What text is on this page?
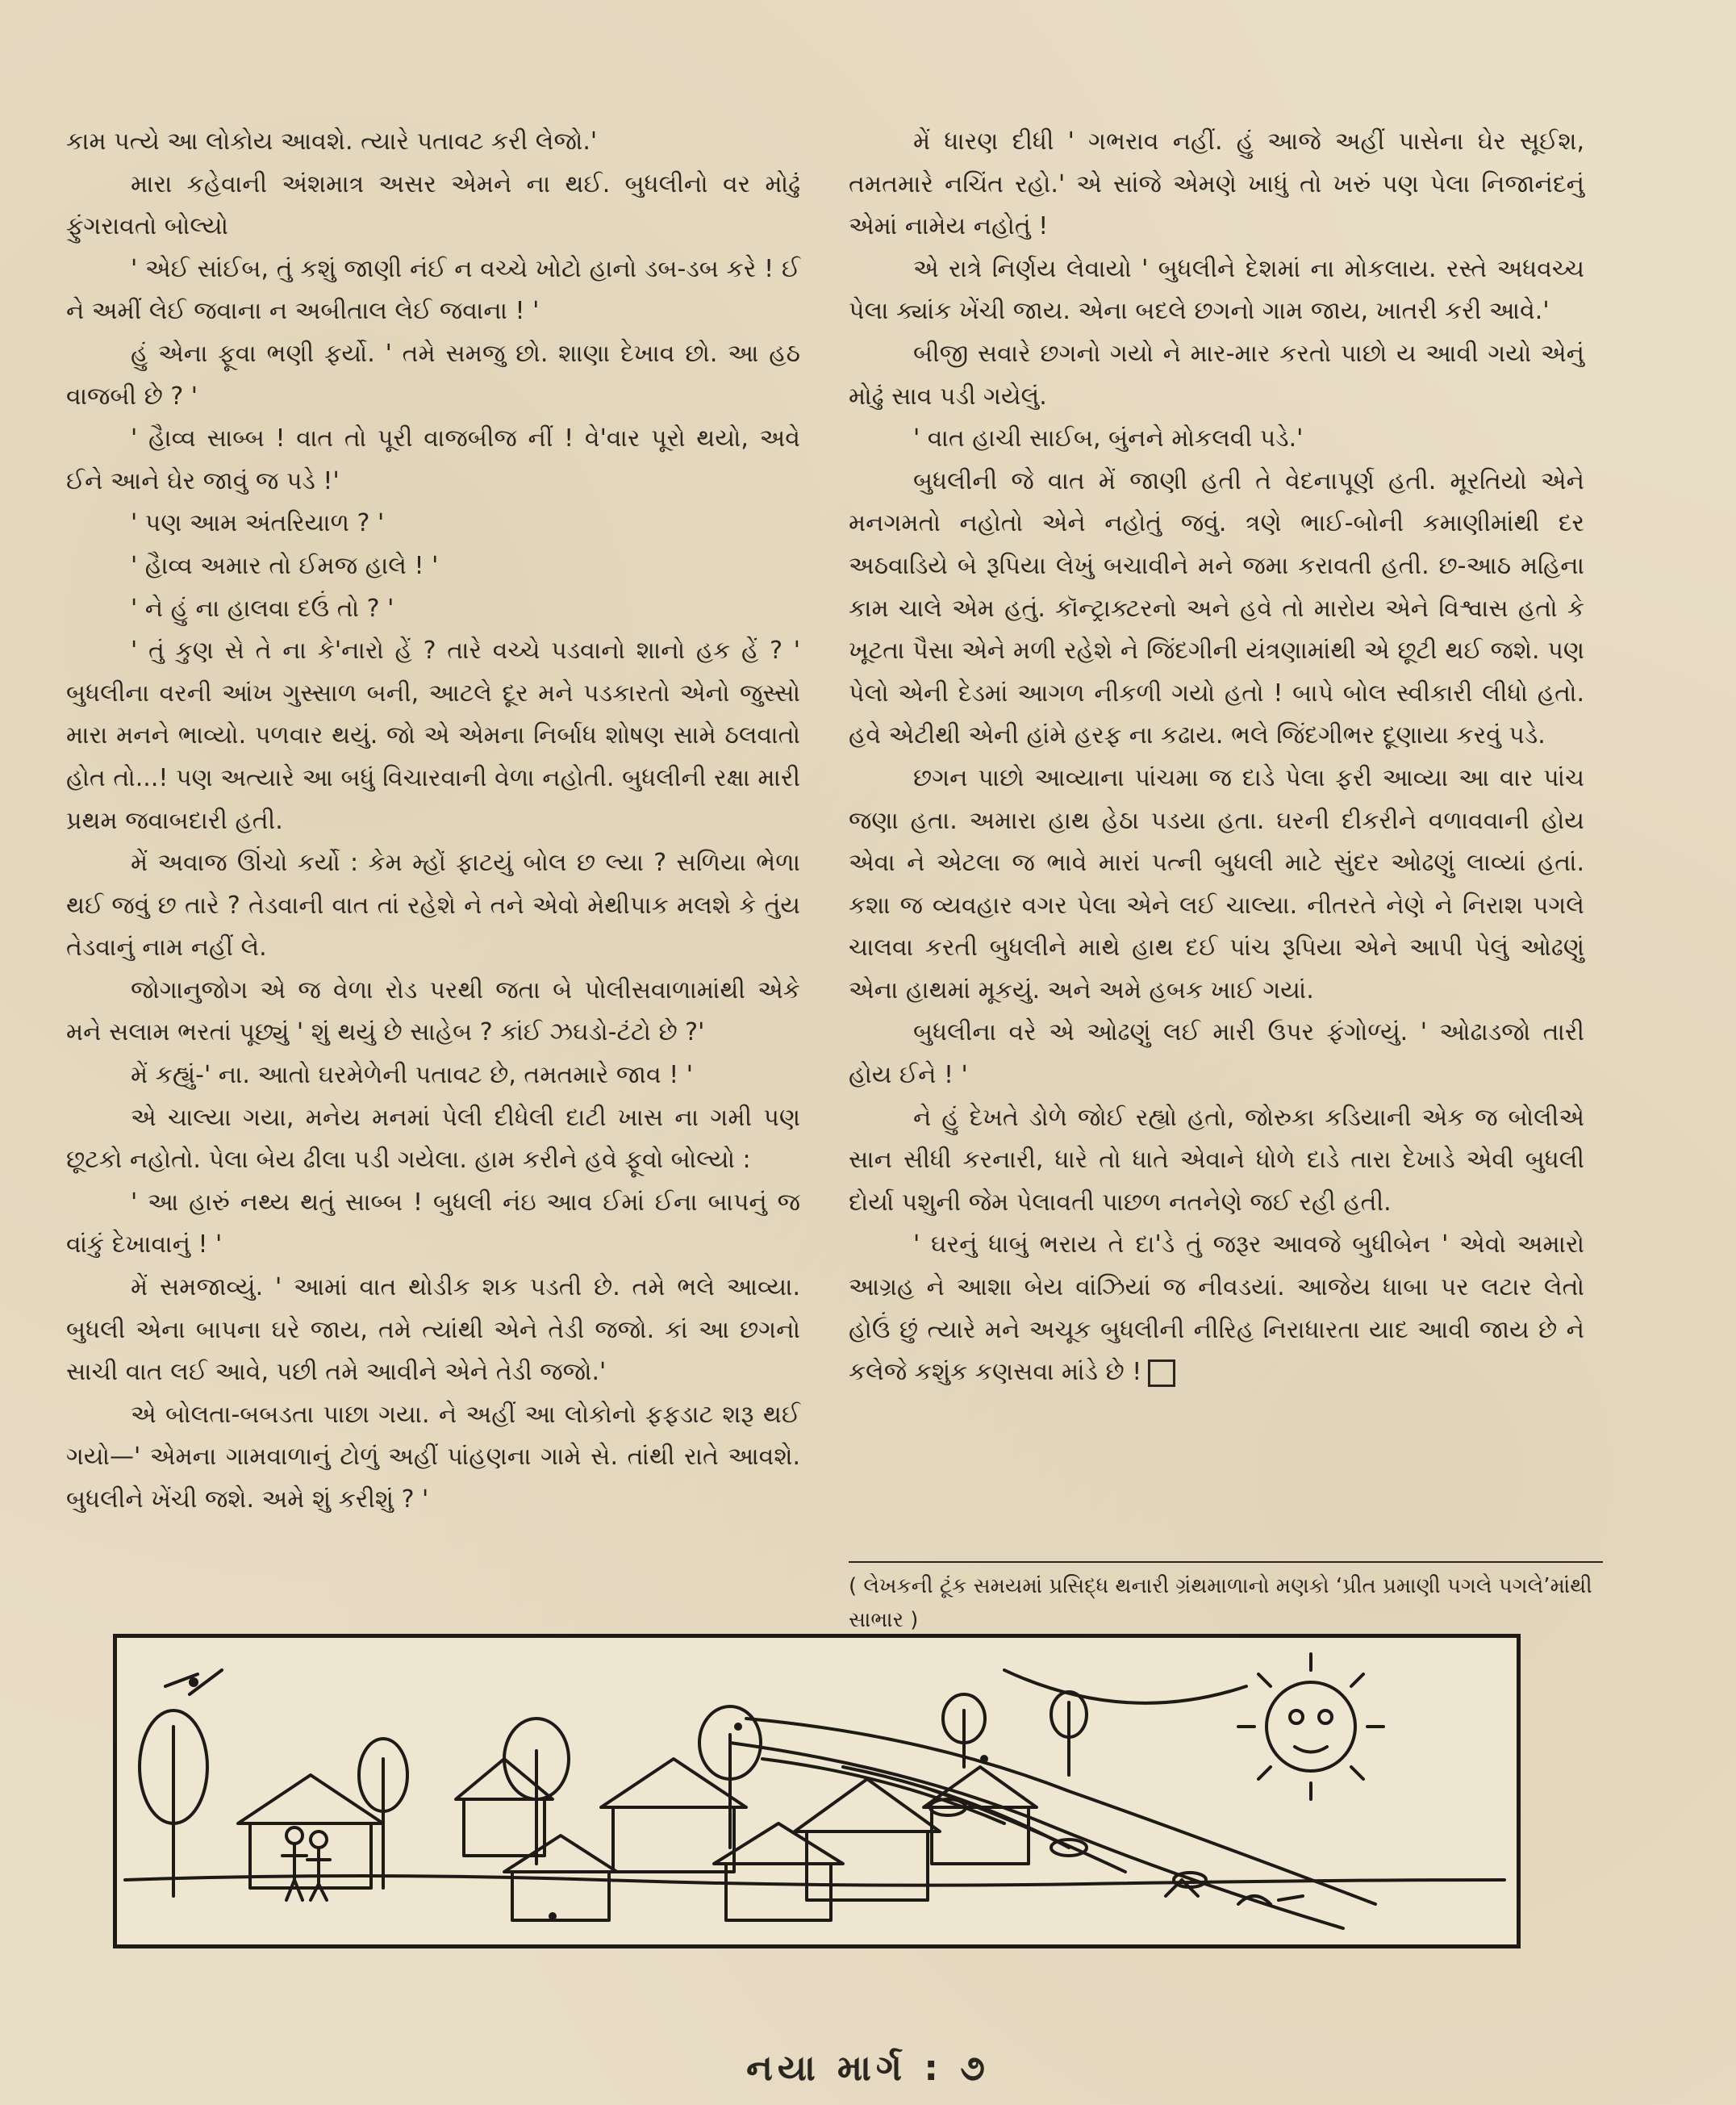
કામ પત્યે આ લોકોય આવશે. ત્યારે પતાવટ કરી લેજો.'

મારા કહેવાની અંશમાત્ર અસર એમને ના થઈ. બુધલીનો વર મોઢું ફુંગરાવતો બોલ્યો

' એઈ સાંઈબ, તું કશું જાણી નંઈ ન વચ્ચે ખોટો હાનો ડબ-ડબ કરે ! ઈ ને અમીં લેઈ જવાના ન અબીતાલ લેઈ જવાના ! '

હું એના ફૂવા ભણી ફર્યો. ' તમે સમજુ છો. શાણા દેખાવ છો. આ હઠ વાજબી છે ? '

' હૈાવ્વ સાબ્બ ! વાત તો પૂરી વાજબીજ નીં ! વે'વાર પૂરો થયો, અવે ઈને આને ઘેર જાવું જ પડે !'

' પણ આમ અંતરિયાળ ? '

' હૈાવ્વ અમાર તો ઈમજ હાલે ! '

' ને હું ના હાલવા દઉં તો ? '

' તું કુણ સે તે ના કે'નારો હેં ? તારે વચ્ચે પડવાનો શાનો હક હેં ? ' બુધલીના વરની આંખ ગુસ્સાળ બની, આટલે દૂર મને પડકારતો એનો જુસ્સો મારા મનને ભાવ્યો. પળવાર થયું. જો એ એમના નિર્બાધ શોષણ સામે ઠલવાતો હોત તો...! પણ અત્યારે આ બધું વિચારવાની વેળા નહોતી. બુધલીની રક્ષા મારી પ્રથમ જવાબદારી હતી.

મેં અવાજ ઊંચો કર્યો : કેમ મ્હોં ફાટયું બોલ છ લ્યા ? સળિયા ભેળા થઈ જવું છ તારે ? તેડવાની વાત તાં રહેશે ને તને એવો મેથીપાક મલશે કે તુંય તેડવાનું નામ નહીં લે.

જોગાનુજોગ એ જ વેળા રોડ પરથી જતા બે પોલીસવાળામાંથી એકે મને સલામ ભરતાં પૂછ્યું ' શું થયું છે સાહેબ ? કાંઈ ઝઘડો-ટંટો છે ?'

મેં કહ્યું-' ના. આતો ઘરમેળેની પતાવટ છે, તમતમારે જાવ ! '

એ ચાલ્યા ગયા, મનેય મનમાં પેલી દીધેલી દાટી ખાસ ના ગમી પણ છૂટકો નહોતો. પેલા બેય ઢીલા પડી ગયેલા. હામ કરીને હવે ફૂવો બોલ્યો :

' આ હારું નથ્ય થતું સાબ્બ ! બુધલી નંઇ આવ ઈમાં ઈના બાપનું જ વાંકું દેખાવાનું ! '

મેં સમજાવ્યું. ' આમાં વાત થોડીક શક પડતી છે. તમે ભલે આવ્યા. બુધલી એના બાપના ઘરે જાય, તમે ત્યાંથી એને તેડી જજો. કાં આ છગનો સાચી વાત લઈ આવે, પછી તમે આવીને એને તેડી જજો.'

એ બોલતા-બબડતા પાછા ગયા. ને અહીં આ લોકોનો ફફડાટ શરૂ થઈ ગયો—' એમના ગામવાળાનું ટોળું અહીં પાંહણના ગામે સે. તાંથી રાતે આવશે. બુધલીને ખેંચી જશે. અમે શું કરીશું ? '

મેં ધારણ દીધી ' ગભરાવ નહીં. હું આજે અહીં પાસેના ઘેર સૂઈશ, તમતમારે નચિંત રહો.' એ સાંજે એમણે ખાધું તો ખરું પણ પેલા નિજાનંદનું એમાં નામેય નહોતું !

એ રાત્રે નિર્ણય લેવાયો ' બુધલીને દેશમાં ના મોકલાય. રસ્તે અધવચ્ચ પેલા ક્યાંક ખેંચી જાય. એના બદલે છગનો ગામ જાય, ખાતરી કરી આવે.'

બીજી સવારે છગનો ગયો ને માર-માર કરતો પાછો ય આવી ગયો એનું મોઢું સાવ પડી ગયેલું.

' વાત હાચી સાઈબ, બુંનને મોકલવી પડે.'

બુધલીની જે વાત મેં જાણી હતી તે વેદનાપૂર્ણ હતી. મૂરતિયો એને મનગમતો નહોતો એને નહોતું જવું. ત્રણે ભાઈ-બોની કમાણીમાંથી દર અઠવાડિયે બે રૂપિયા લેખું બચાવીને મને જમા કરાવતી હતી. છ-આઠ મહિના કામ ચાલે એમ હતું. કૉન્ટ્રાક્ટરનો અને હવે તો મારોય એને વિશ્વાસ હતો કે ખૂટતા પૈસા એને મળી રહેશે ને જિંદગીની યંત્રણામાંથી એ છૂટી થઈ જશે. પણ પેલો એની દેડમાં આગળ નીકળી ગયો હતો ! બાપે બોલ સ્વીકારી લીધો હતો. હવે એટીથી એની હાંમે હરફ ના કઢાય. ભલે જિંદગીભર દૂણાયા કરવું પડે.

છગન પાછો આવ્યાના પાંચમા જ દાડે પેલા ફરી આવ્યા આ વાર પાંચ જણા હતા. અમારા હાથ હેઠા પડયા હતા. ઘરની દીકરીને વળાવવાની હોય એવા ને એટલા જ ભાવે મારાં પત્ની બુધલી માટે સુંદર ઓઢણું લાવ્યાં હતાં. કશા જ વ્યવહાર વગર પેલા એને લઈ ચાલ્યા. નીતરતે નેણે ને નિરાશ પગલે ચાલવા કરતી બુધલીને માથે હાથ દઈ પાંચ રૂપિયા એને આપી પેલું ઓઢણું એના હાથમાં મૂકયું. અને અમે હબક ખાઈ ગયાં.

બુધલીના વરે એ ઓઢણું લઈ મારી ઉપર ફંગોળ્યું. ' ઓઢાડજો તારી હોય ઈને ! '

ને હું દેખતે ડોળે જોઈ રહ્યો હતો, જોરુકા કડિયાની એક જ બોલીએ સાન સીધી કરનારી, ધારે તો ધાતે એવાને ધોળે દાડે તારા દેખાડે એવી બુધલી દોર્યા પશુની જેમ પેલાવતી પાછળ નતનેણે જઈ રહી હતી.

' ઘરનું ધાબું ભરાય તે દા'ડે તું જરૂર આવજે બુધીબેન ' એવો અમારો આગ્રહ ને આશા બેય વાંઝિયાં જ નીવડયાં. આજેય ધાબા પર લટાર લેતો હોઉં છું ત્યારે મને અચૂક બુધલીની નીરિહ નિરાધારતા યાદ આવી જાય છે ને કલેજે કશુંક કણસવા માંડે છે !

( લેખકની ટૂંક સમયમાં પ્રસિદ્ધ થનારી ગ્રંથમાળાનો મણકો ‘પ્રીત પ્રમાણી પગલે પગલે’માંથી સાભાર )
નયા માર્ગ : ૭
